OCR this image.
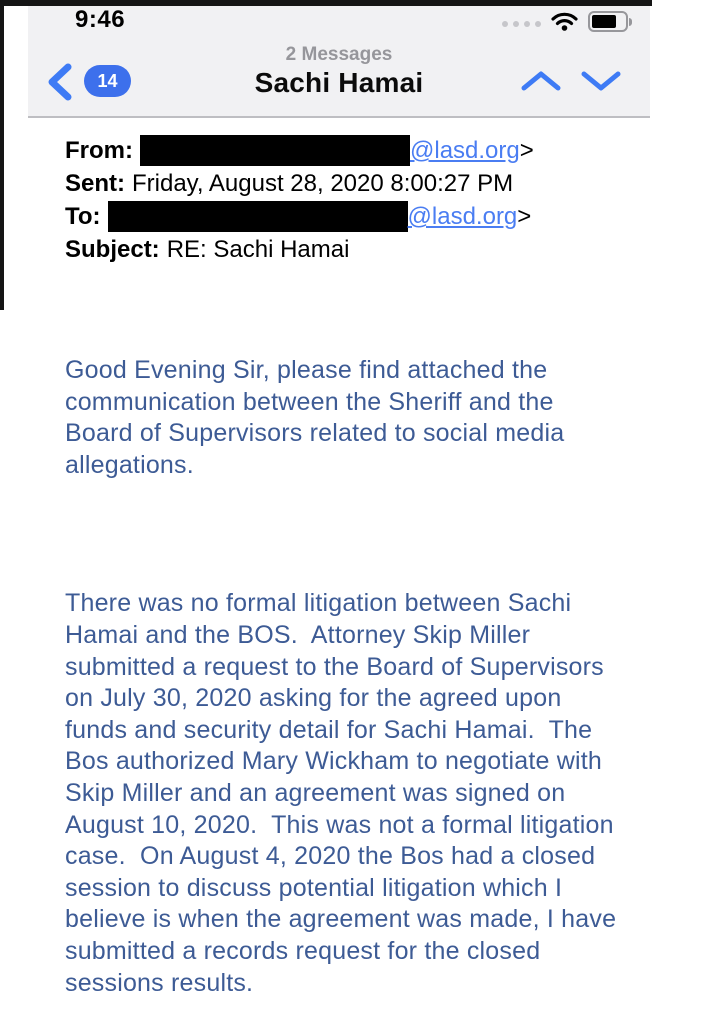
9:46
14
2 Messages
Sachi Hamai
From:	@lasd.org >
Sent: Friday, August 28, 2020 8:00:27 PM
To:	@lasd.org >
Subject: RE: Sachi Hamai
Good Evening Sir, please find attached the
communication between the Sheriff and the
Board of Supervisors related to social media
allegations.
There was no formal litigation between Sachi
Hamai and the BOS.  Attorney Skip Miller
submitted a request to the Board of Supervisors
on July 30, 2020 asking for the agreed upon
funds and security detail for Sachi Hamai.  The
Bos authorized Mary Wickham to negotiate with
Skip Miller and an agreement was signed on
August 10, 2020.  This was not a formal litigation
case.  On August 4, 2020 the Bos had a closed
session to discuss potential litigation which I
believe is when the agreement was made, I have
submitted a records request for the closed
sessions results.
